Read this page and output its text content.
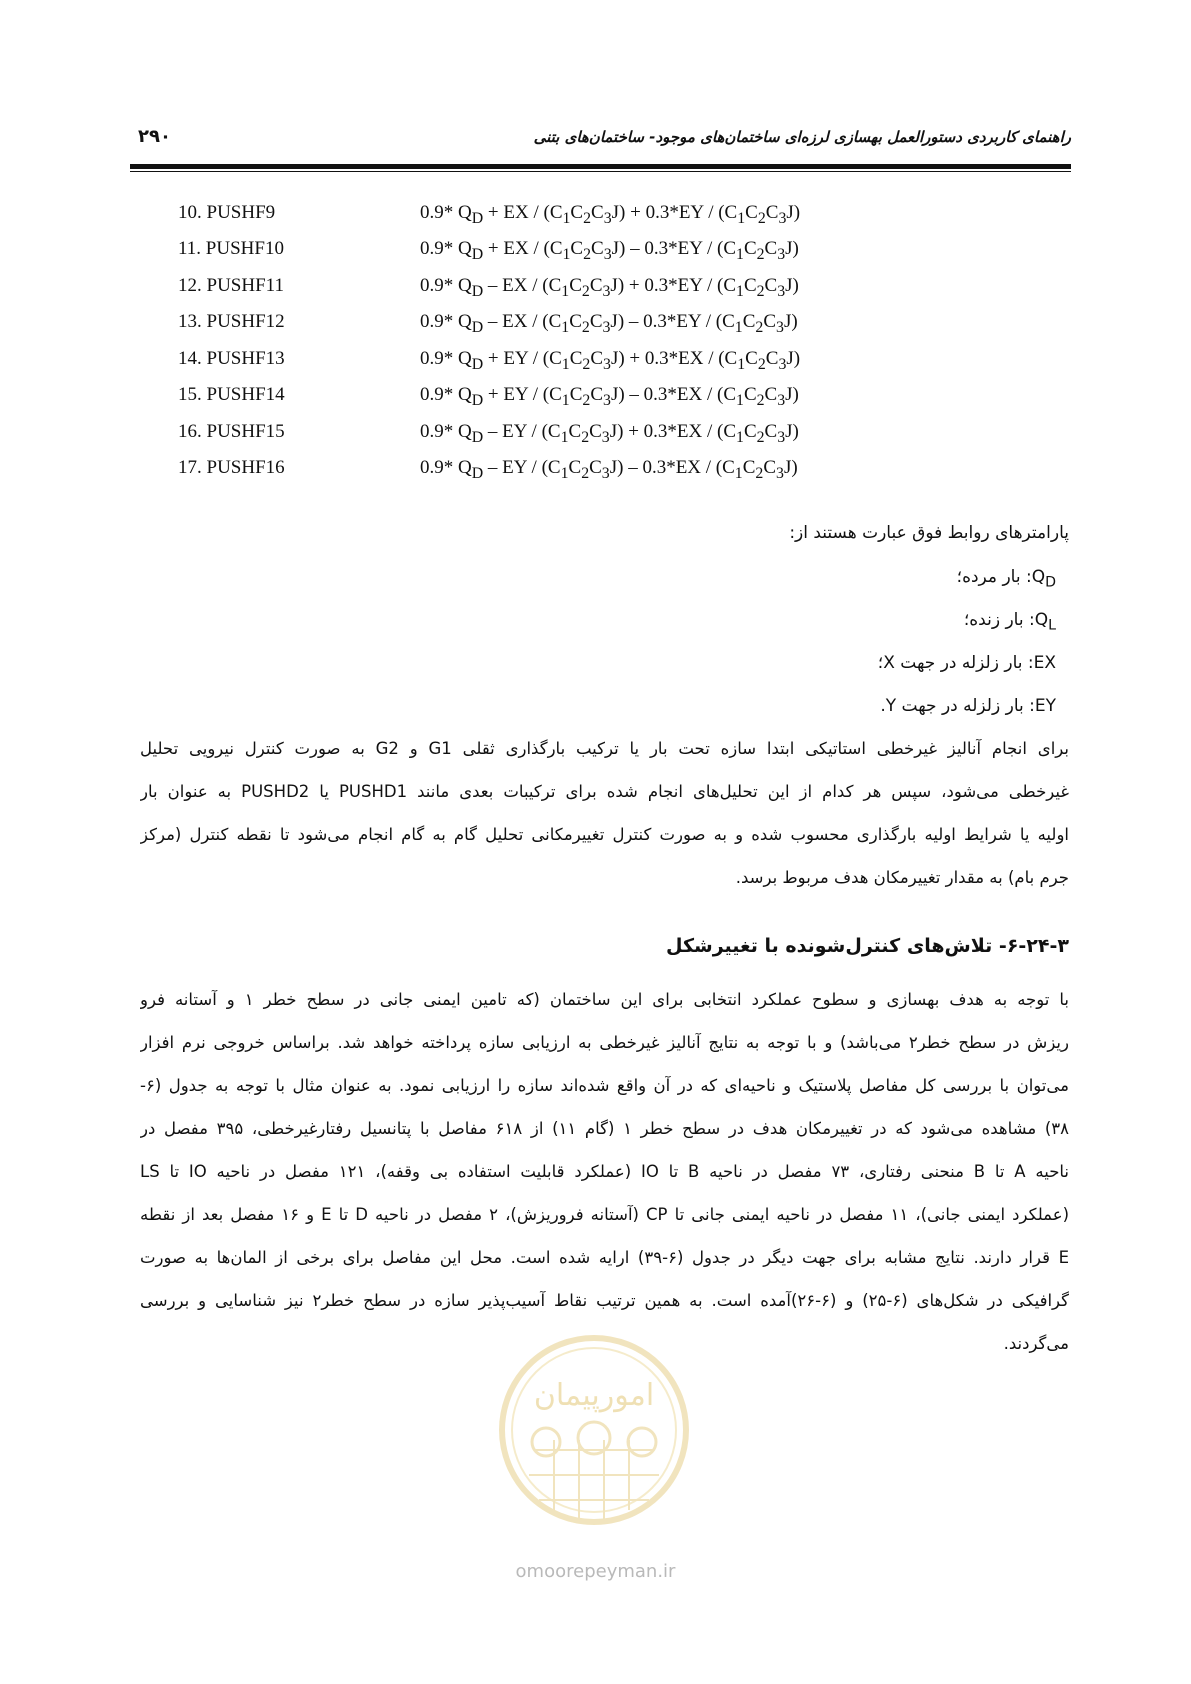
راهنمای کاربردی دستورالعمل بهسازی لرزه‌ای ساختمان‌های موجود- ساختمان‌های بتنی
۲۹۰
10. PUSHF9	0.9* $Q_D$ + EX / $(C_1C_2C_3J) + 0.3*EY / (C_1C_2C_3J)$
11. PUSHF10	0.9* $Q_D$ + EX / $(C_1C_2C_3J) - 0.3*EY / (C_1C_2C_3J)$
12. PUSHF11	0.9* $Q_D$ – EX / $(C_1C_2C_3J) + 0.3*EY / (C_1C_2C_3J)$
13. PUSHF12	0.9* $Q_D$ – EX / $(C_1C_2C_3J) - 0.3*EY / (C_1C_2C_3J)$
14. PUSHF13	0.9* $Q_D$ + EY / $(C_1C_2C_3J) + 0.3*EX / (C_1C_2C_3J)$
15. PUSHF14	0.9* $Q_D$ + EY / $(C_1C_2C_3J) - 0.3*EX / (C_1C_2C_3J)$
16. PUSHF15	0.9* $Q_D$ – EY / $(C_1C_2C_3J) + 0.3*EX / (C_1C_2C_3J)$
17. PUSHF16	0.9* $Q_D$ – EY / $(C_1C_2C_3J) - 0.3*EX / (C_1C_2C_3J)$
پارامترهای روابط فوق عبارت هستند از:
$Q_D$: بار مرده؛
$Q_L$: بار زنده؛
EX: بار زلزله در جهت X؛
EY: بار زلزله در جهت Y.
برای انجام آنالیز غیرخطی استاتیکی ابتدا سازه تحت بار یا ترکیب بارگذاری ثقلی G1 و G2 به صورت کنترل نیرویی تحلیل
غیرخطی می‌شود، سپس هر کدام از این تحلیل‌های انجام شده برای ترکیبات بعدی مانند PUSHD1 یا PUSHD2 به عنوان بار
اولیه یا شرایط اولیه بارگذاری محسوب شده و به صورت کنترل تغییرمکانی تحلیل گام به گام انجام می‌شود تا نقطه کنترل (مرکز
جرم بام) به مقدار تغییرمکان هدف مربوط برسد.
۶-۲۴-۳- تلاش‌های کنترل‌شونده با تغییرشکل
با توجه به هدف بهسازی و سطوح عملکرد انتخابی برای این ساختمان (که تامین ایمنی جانی در سطح خطر ۱ و آستانه فرو
ریزش در سطح خطر۲ می‌باشد) و با توجه به نتایج آنالیز غیرخطی به ارزیابی سازه پرداخته خواهد شد. براساس خروجی نرم افزار
می‌توان با بررسی کل مفاصل پلاستیک و ناحیه‌ای که در آن واقع شده‌اند سازه را ارزیابی نمود. به عنوان مثال با توجه به جدول (۶-
۳۸) مشاهده می‌شود که در تغییرمکان هدف در سطح خطر ۱ (گام ۱۱) از ۶۱۸ مفاصل با پتانسیل رفتارغیرخطی، ۳۹۵ مفصل در
ناحیه A تا B منحنی رفتاری، ۷۳ مفصل در ناحیه B تا IO (عملکرد قابلیت استفاده بی وقفه)، ۱۲۱ مفصل در ناحیه IO تا LS
(عملکرد ایمنی جانی)، ۱۱ مفصل در ناحیه ایمنی جانی تا CP (آستانه فروریزش)، ۲ مفصل در ناحیه D تا E و ۱۶ مفصل بعد از نقطه
E قرار دارند. نتایج مشابه برای جهت دیگر در جدول (۶-۳۹) ارایه شده است. محل این مفاصل برای برخی از المان‌ها به صورت
گرافیکی در شکل‌های (۶-۲۵) و (۶-۲۶)آمده است. به همین ترتیب نقاط آسیب‌پذیر سازه در سطح خطر۲ نیز شناسایی و بررسی
می‌گردند.
امورپیمان
omoorepeyman.ir
